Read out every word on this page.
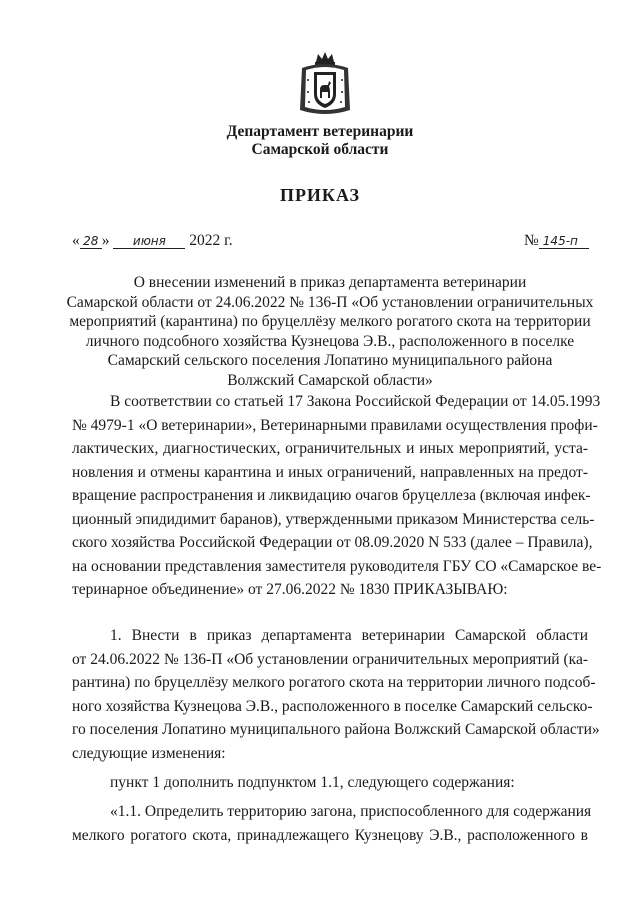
Департамент ветеринарии
Самарской области
ПРИКАЗ
« 28 » июня 2022 г.	№ 145-п
О внесении изменений в приказ департамента ветеринарии
Самарской области от 24.06.2022 № 136-П «Об установлении ограничительных
мероприятий (карантина) по бруцеллёзу мелкого рогатого скота на территории
личного подсобного хозяйства Кузнецова Э.В., расположенного в поселке
Самарский сельского поселения Лопатино муниципального района
Волжский Самарской области»
В соответствии со статьей 17 Закона Российской Федерации от 14.05.1993
№ 4979-1 «О ветеринарии», Ветеринарными правилами осуществления профи-
лактических, диагностических, ограничительных и иных мероприятий, уста-
новления и отмены карантина и иных ограничений, направленных на предот-
вращение распространения и ликвидацию очагов бруцеллеза (включая инфек-
ционный эпидидимит баранов), утвержденными приказом Министерства сель-
ского хозяйства Российской Федерации от 08.09.2020 N 533 (далее – Правила),
на основании представления заместителя руководителя ГБУ СО «Самарское ве-
теринарное объединение» от 27.06.2022 № 1830 ПРИКАЗЫВАЮ:
1. Внести в приказ департамента ветеринарии Самарской области
от 24.06.2022 № 136-П «Об установлении ограничительных мероприятий (ка-
рантина) по бруцеллёзу мелкого рогатого скота на территории личного подсоб-
ного хозяйства Кузнецова Э.В., расположенного в поселке Самарский сельско-
го поселения Лопатино муниципального района Волжский Самарской области»
следующие изменения:
пункт 1 дополнить подпунктом 1.1, следующего содержания:
«1.1. Определить территорию загона, приспособленного для содержания
мелкого рогатого скота, принадлежащего Кузнецову Э.В., расположенного в
